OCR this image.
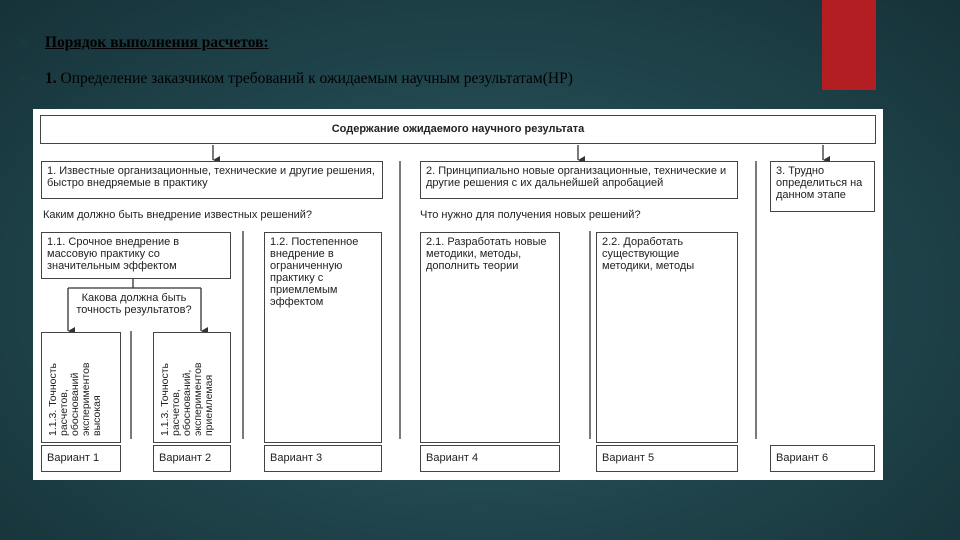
Порядок выполнения расчетов:
1. Определение заказчиком требований к ожидаемым научным результатам(НР)
Содержание ожидаемого научного результата
1. Известные организационные, технические и другие решения, быстро внедряемые в практику
2. Принципиально новые организационные, технические и другие решения с их дальнейшей апробацией
3. Трудно определиться на данном этапе
Каким должно быть внедрение известных решений?	Что нужно для получения новых решений?
1.1. Срочное внедрение в массовую практику со значительным эффектом
1.2. Постепенное внедрение в ограниченную практику с приемлемым эффектом
2.1. Разработать новые методики, методы, дополнить теории
2.2. Доработать существующие методики, методы
Какова должна быть точность результатов?
1.1.3. Точность расчетов, обоснований экспериментов высокая	1.1.3. Точность расчетов, обоснований, экспериментов приемлемая
Вариант 1	Вариант 2	Вариант 3	Вариант 4	Вариант 5	Вариант 6
